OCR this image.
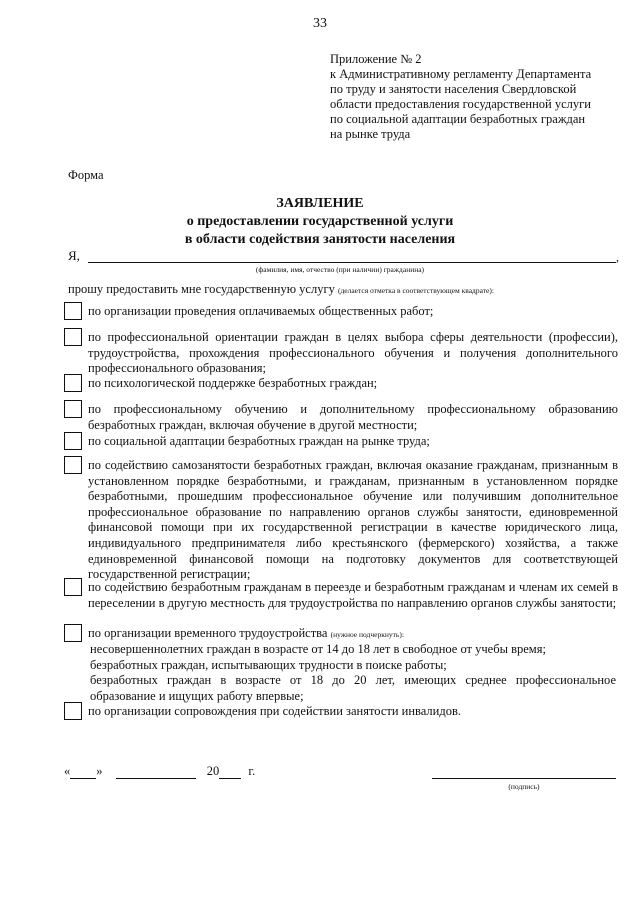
33
Приложение № 2
к Административному регламенту Департамента
по труду и занятости населения Свердловской
области предоставления государственной услуги
по социальной адаптации безработных граждан
на рынке труда
Форма
ЗАЯВЛЕНИЕ
о предоставлении государственной услуги
в области содействия занятости населения
Я,	,
(фамилия, имя, отчество (при наличии) гражданина)
прошу предоставить мне государственную услугу (делается отметка в соответствующем квадрате):
по организации проведения оплачиваемых общественных работ;
по профессиональной ориентации граждан в целях выбора сферы деятельности (профессии), трудоустройства, прохождения профессионального обучения и получения дополнительного профессионального образования;
по психологической поддержке безработных граждан;
по профессиональному обучению и дополнительному профессиональному образованию безработных граждан, включая обучение в другой местности;
по социальной адаптации безработных граждан на рынке труда;
по содействию самозанятости безработных граждан, включая оказание гражданам, признанным в установленном порядке безработными, и гражданам, признанным в установленном порядке безработными, прошедшим профессиональное обучение или получившим дополнительное профессиональное образование по направлению органов службы занятости, единовременной финансовой помощи при их государственной регистрации в качестве юридического лица, индивидуального предпринимателя либо крестьянского (фермерского) хозяйства, а также единовременной финансовой помощи на подготовку документов для соответствующей государственной регистрации;
по содействию безработным гражданам в переезде и безработным гражданам и членам их семей в переселении в другую местность для трудоустройства по направлению органов службы занятости;
по организации временного трудоустройства (нужное подчеркнуть):
несовершеннолетних граждан в возрасте от 14 до 18 лет в свободное от учебы время;
безработных граждан, испытывающих трудности в поиске работы;
безработных граждан в возрасте от 18 до 20 лет, имеющих среднее профессиональное образование и ищущих работу впервые;
по организации сопровождения при содействии занятости инвалидов.
« »	20 г.
(подпись)
